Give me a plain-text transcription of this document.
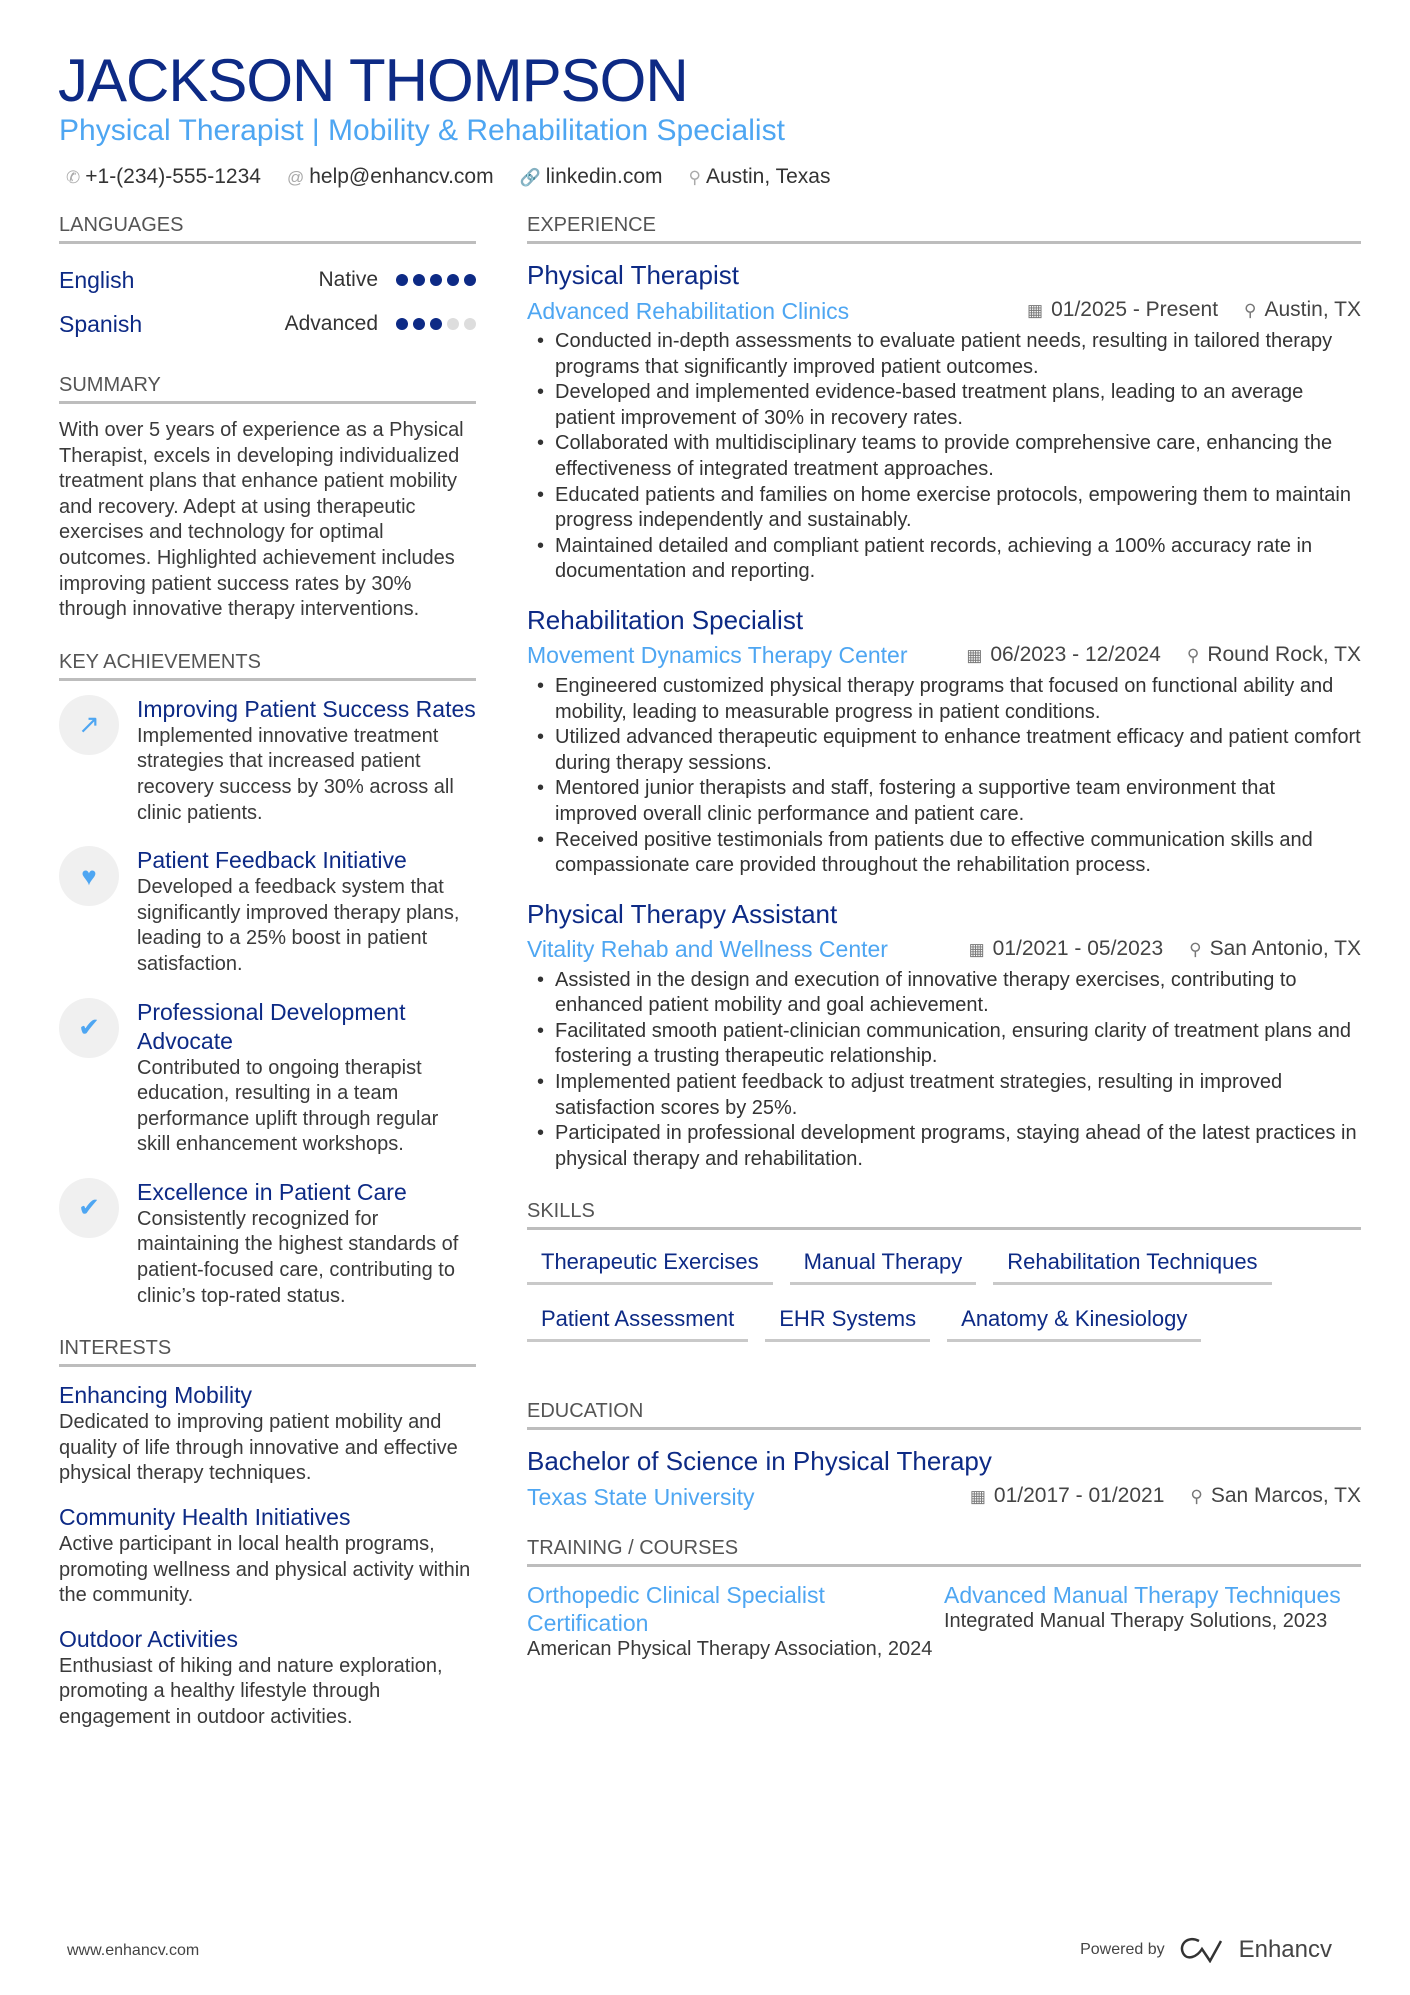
JACKSON THOMPSON
Physical Therapist | Mobility & Rehabilitation Specialist
✆ +1-(234)-555-1234 @ help@enhancv.com 🔗 linkedin.com ⚲ Austin, Texas
LANGUAGES
English	Native
Spanish	Advanced
SUMMARY
With over 5 years of experience as a Physical Therapist, excels in developing individualized treatment plans that enhance patient mobility and recovery. Adept at using therapeutic exercises and technology for optimal outcomes. Highlighted achievement includes improving patient success rates by 30% through innovative therapy interventions.
KEY ACHIEVEMENTS
↗
Improving Patient Success Rates
Implemented innovative treatment strategies that increased patient recovery success by 30% across all clinic patients.
♥
Patient Feedback Initiative
Developed a feedback system that significantly improved therapy plans, leading to a 25% boost in patient satisfaction.
✔
Professional Development Advocate
Contributed to ongoing therapist education, resulting in a team performance uplift through regular skill enhancement workshops.
✔
Excellence in Patient Care
Consistently recognized for maintaining the highest standards of patient-focused care, contributing to clinic’s top-rated status.
INTERESTS
Enhancing Mobility
Dedicated to improving patient mobility and quality of life through innovative and effective physical therapy techniques.
Community Health Initiatives
Active participant in local health programs, promoting wellness and physical activity within the community.
Outdoor Activities
Enthusiast of hiking and nature exploration, promoting a healthy lifestyle through engagement in outdoor activities.
EXPERIENCE
Physical Therapist
Advanced Rehabilitation Clinics	▦ 01/2025 - Present ⚲ Austin, TX
• Conducted in-depth assessments to evaluate patient needs, resulting in tailored therapy programs that significantly improved patient outcomes.
• Developed and implemented evidence-based treatment plans, leading to an average patient improvement of 30% in recovery rates.
• Collaborated with multidisciplinary teams to provide comprehensive care, enhancing the effectiveness of integrated treatment approaches.
• Educated patients and families on home exercise protocols, empowering them to maintain progress independently and sustainably.
• Maintained detailed and compliant patient records, achieving a 100% accuracy rate in documentation and reporting.
Rehabilitation Specialist
Movement Dynamics Therapy Center	▦ 06/2023 - 12/2024 ⚲ Round Rock, TX
• Engineered customized physical therapy programs that focused on functional ability and mobility, leading to measurable progress in patient conditions.
• Utilized advanced therapeutic equipment to enhance treatment efficacy and patient comfort during therapy sessions.
• Mentored junior therapists and staff, fostering a supportive team environment that improved overall clinic performance and patient care.
• Received positive testimonials from patients due to effective communication skills and compassionate care provided throughout the rehabilitation process.
Physical Therapy Assistant
Vitality Rehab and Wellness Center	▦ 01/2021 - 05/2023 ⚲ San Antonio, TX
• Assisted in the design and execution of innovative therapy exercises, contributing to enhanced patient mobility and goal achievement.
• Facilitated smooth patient-clinician communication, ensuring clarity of treatment plans and fostering a trusting therapeutic relationship.
• Implemented patient feedback to adjust treatment strategies, resulting in improved satisfaction scores by 25%.
• Participated in professional development programs, staying ahead of the latest practices in physical therapy and rehabilitation.
SKILLS
Therapeutic Exercises	Manual Therapy	Rehabilitation Techniques
Patient Assessment	EHR Systems	Anatomy & Kinesiology
EDUCATION
Bachelor of Science in Physical Therapy
Texas State University	▦ 01/2017 - 01/2021 ⚲ San Marcos, TX
TRAINING / COURSES
Orthopedic Clinical Specialist Certification
American Physical Therapy Association, 2024
Advanced Manual Therapy Techniques
Integrated Manual Therapy Solutions, 2023
www.enhancv.com	Powered by	Enhancv
